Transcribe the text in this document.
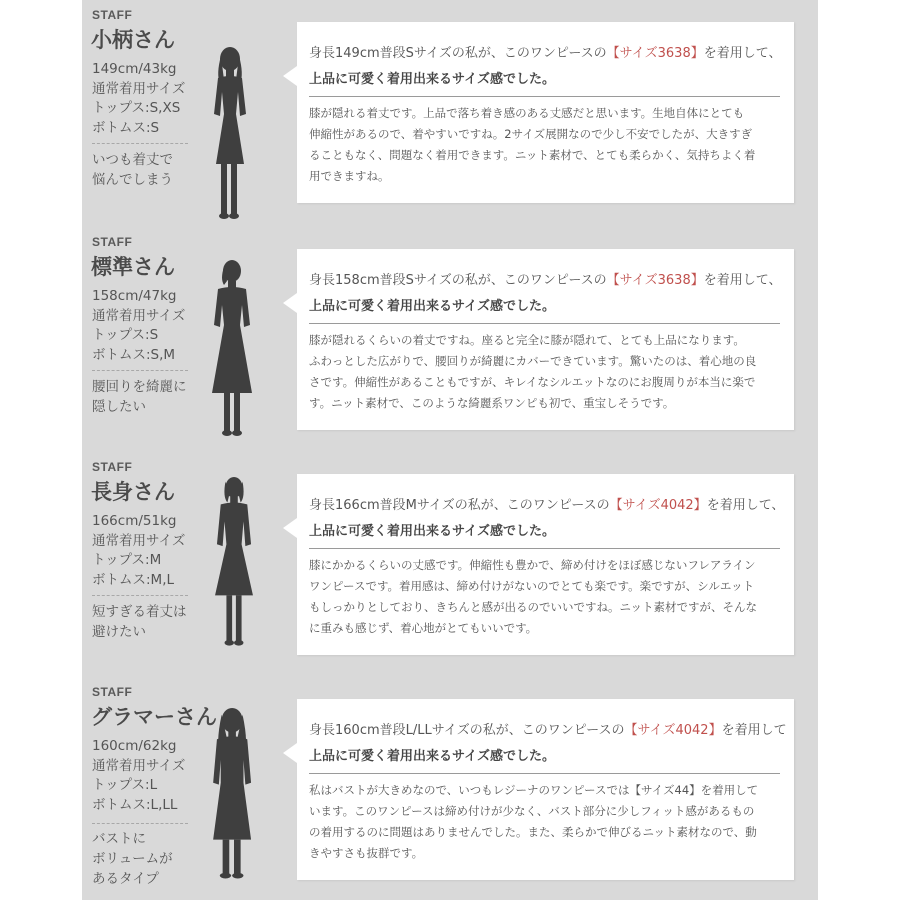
STAFF
小柄さん
149cm/43kg
通常着用サイズ
トップス:S,XS
ボトムス:S
いつも着丈で
悩んでしまう
身長149cm普段Sサイズの私が、このワンピースの【サイズ3638】を着用して、
上品に可愛く着用出来るサイズ感でした。
膝が隠れる着丈です。上品で落ち着き感のある丈感だと思います。生地自体にとても
伸縮性があるので、着やすいですね。2サイズ展開なので少し不安でしたが、大きすぎ
ることもなく、問題なく着用できます。ニット素材で、とても柔らかく、気持ちよく着
用できますね。
STAFF
標準さん
158cm/47kg
通常着用サイズ
トップス:S
ボトムス:S,M
腰回りを綺麗に
隠したい
身長158cm普段Sサイズの私が、このワンピースの【サイズ3638】を着用して、
上品に可愛く着用出来るサイズ感でした。
膝が隠れるくらいの着丈ですね。座ると完全に膝が隠れて、とても上品になります。
ふわっとした広がりで、腰回りが綺麗にカバーできています。驚いたのは、着心地の良
さです。伸縮性があることもですが、キレイなシルエットなのにお腹周りが本当に楽で
す。ニット素材で、このような綺麗系ワンピも初で、重宝しそうです。
STAFF
長身さん
166cm/51kg
通常着用サイズ
トップス:M
ボトムス:M,L
短すぎる着丈は
避けたい
身長166cm普段Mサイズの私が、このワンピースの【サイズ4042】を着用して、
上品に可愛く着用出来るサイズ感でした。
膝にかかるくらいの丈感です。伸縮性も豊かで、締め付けをほぼ感じないフレアライン
ワンピースです。着用感は、締め付けがないのでとても楽です。楽ですが、シルエット
もしっかりとしており、きちんと感が出るのでいいですね。ニット素材ですが、そんな
に重みも感じず、着心地がとてもいいです。
STAFF
グラマーさん
160cm/62kg
通常着用サイズ
トップス:L
ボトムス:L,LL
バストに
ボリュームが
あるタイプ
身長160cm普段L/LLサイズの私が、このワンピースの【サイズ4042】を着用して
上品に可愛く着用出来るサイズ感でした。
私はバストが大きめなので、いつもレジーナのワンピースでは【サイズ44】を着用して
います。このワンピースは締め付けが少なく、バスト部分に少しフィット感があるもの
の着用するのに問題はありませんでした。また、柔らかで伸びるニット素材なので、動
きやすさも抜群です。
